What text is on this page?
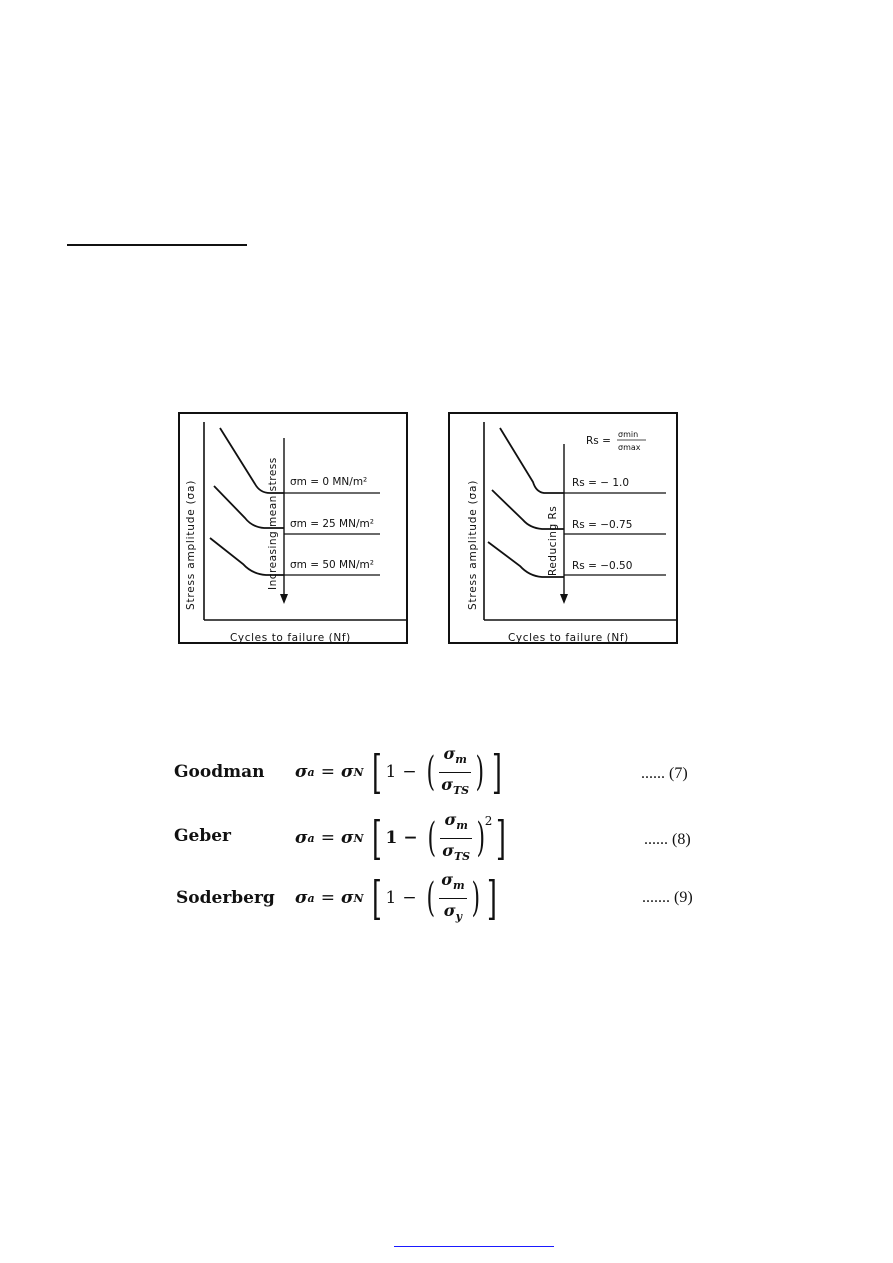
Stress amplitude (σa)
Cycles to failure (Nf)
Increasing mean stress σm = 0 MN/m²
σm = 25 MN/m²
σm = 50 MN/m²	Stress amplitude (σa)
Cycles to failure (Nf)
Reducing Rs
Rs =
σmin
σmax
Rs = − 1.0
Rs = −0.75
Rs = −0.50
Goodman σ a = σ N [ 1 − ( $\frac{\sigma_m}{\sigma_{TS}}$ ) ]	...... (7)
Geber	σ a = σ N [ 1 − ( $\frac{\sigma_m}{\sigma_{TS}}$ ) 2 ]	...... (8)
Soderberg σ a = σ N [ 1 − ( $\frac{\sigma_m}{\sigma_y}$ ) ]	....... (9)
